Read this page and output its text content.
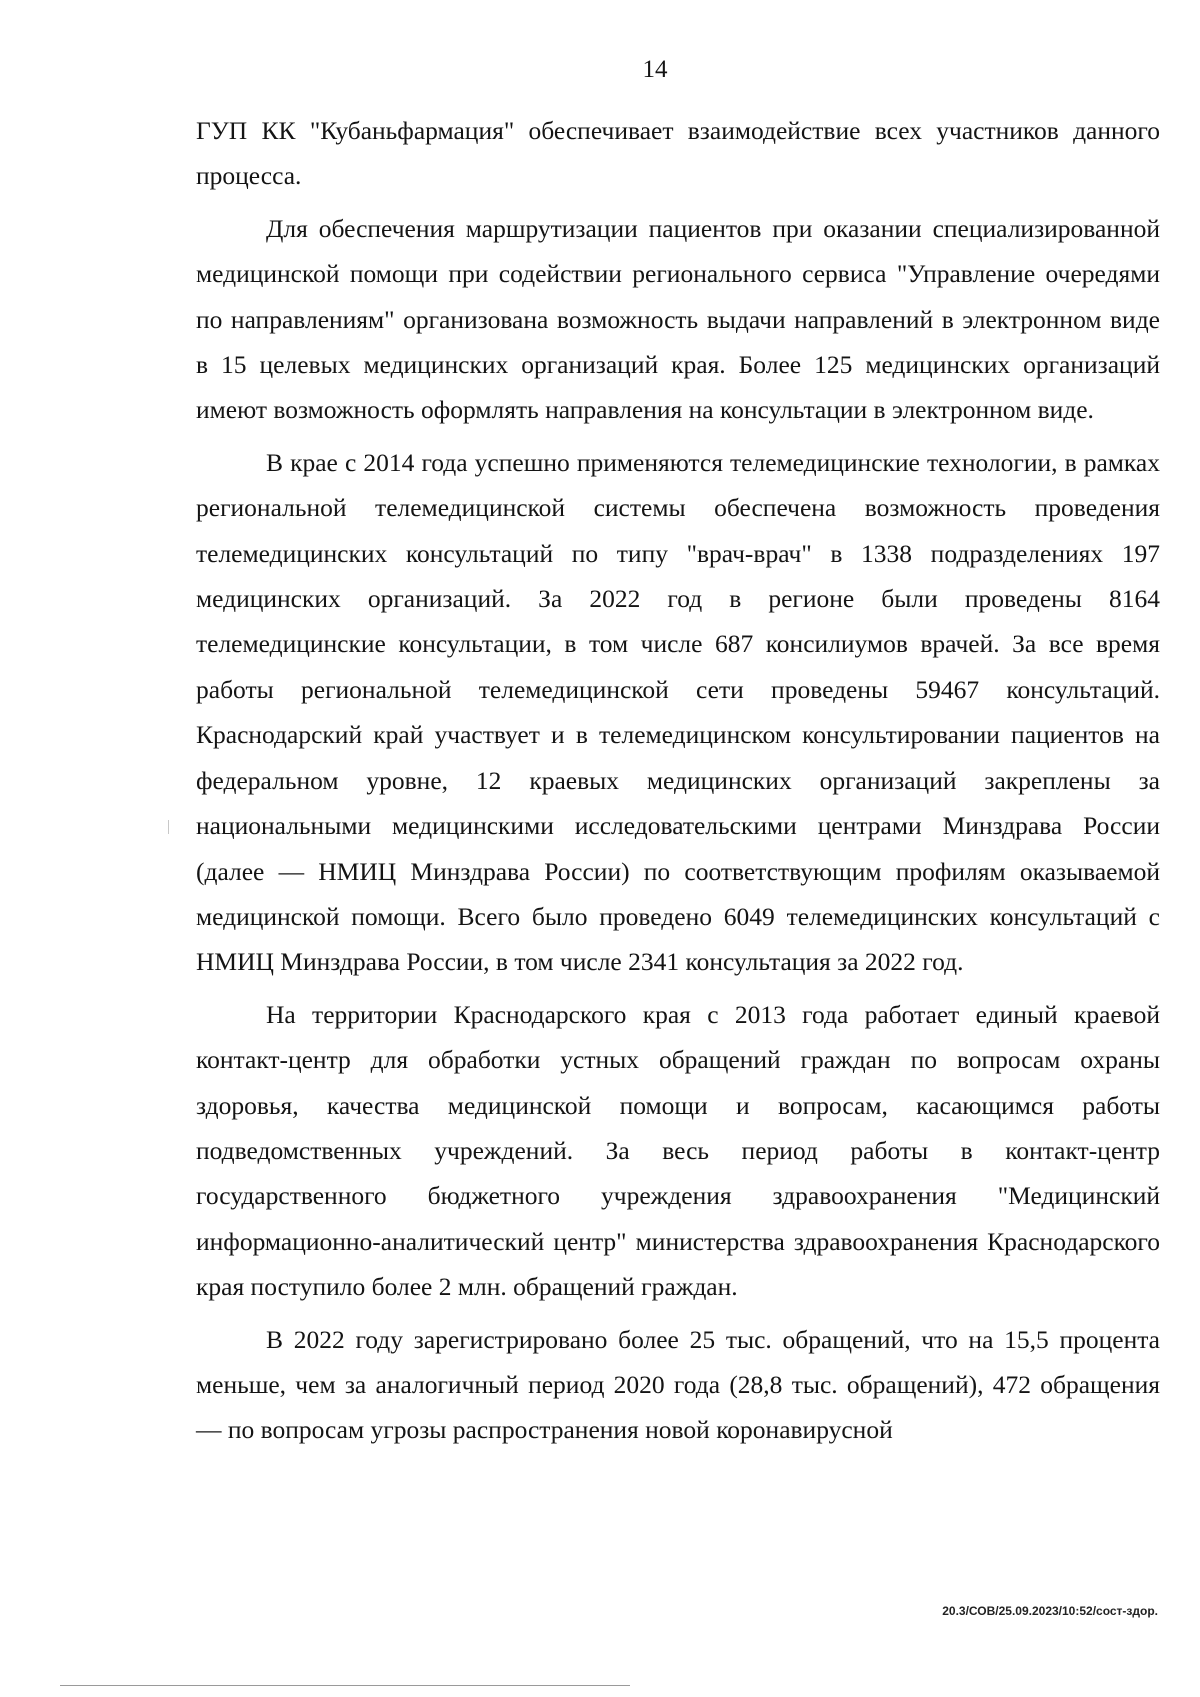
14

ГУП КК "Кубаньфармация" обеспечивает взаимодействие всех участников данного процесса.

Для обеспечения маршрутизации пациентов при оказании специализированной медицинской помощи при содействии регионального сервиса "Управление очередями по направлениям" организована возможность выдачи направлений в электронном виде в 15 целевых медицинских организаций края. Более 125 медицинских организаций имеют возможность оформлять направления на консультации в электронном виде.

В крае с 2014 года успешно применяются телемедицинские технологии, в рамках региональной телемедицинской системы обеспечена возможность проведения телемедицинских консультаций по типу "врач-врач" в 1338 подразделениях 197 медицинских организаций. За 2022 год в регионе были проведены 8164 телемедицинские консультации, в том числе 687 консилиумов врачей. За все время работы региональной телемедицинской сети проведены 59467 консультаций. Краснодарский край участвует и в телемедицинском консультировании пациентов на федеральном уровне, 12 краевых медицинских организаций закреплены за национальными медицинскими исследовательскими центрами Минздрава России (далее — НМИЦ Минздрава России) по соответствующим профилям оказываемой медицинской помощи. Всего было проведено 6049 телемедицинских консультаций с НМИЦ Минздрава России, в том числе 2341 консультация за 2022 год.

На территории Краснодарского края с 2013 года работает единый краевой контакт-центр для обработки устных обращений граждан по вопросам охраны здоровья, качества медицинской помощи и вопросам, касающимся работы подведомственных учреждений. За весь период работы в контакт-центр государственного бюджетного учреждения здравоохранения "Медицинский информационно-аналитический центр" министерства здравоохранения Краснодарского края поступило более 2 млн. обращений граждан.

В 2022 году зарегистрировано более 25 тыс. обращений, что на 15,5 процента меньше, чем за аналогичный период 2020 года (28,8 тыс. обращений), 472 обращения — по вопросам угрозы распространения новой коронавирусной

20.3/СОВ/25.09.2023/10:52/сост-здор.
